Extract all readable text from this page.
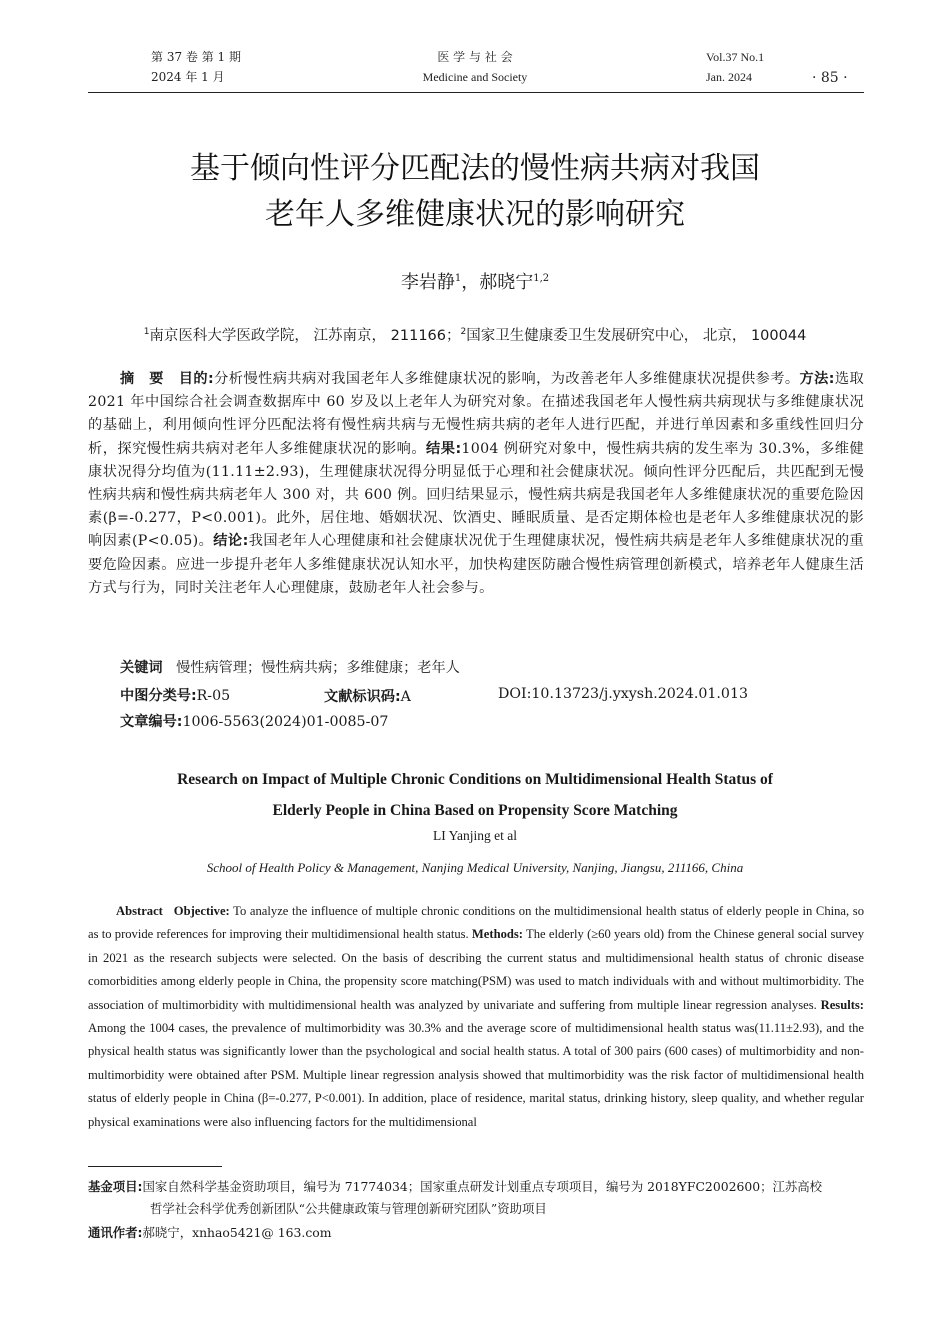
第 37 卷 第 1 期
2024 年 1 月
医 学 与 社 会
Medicine and Society
Vol.37 No.1
Jan. 2024	· 85 ·
基于倾向性评分匹配法的慢性病共病对我国
老年人多维健康状况的影响研究
李岩静$^1$，郝晓宁$^{1,2}$
$^1$南京医科大学医政学院， 江苏南京， 211166；$^2$国家卫生健康委卫生发展研究中心， 北京， 100044
摘　要 目的:分析慢性病共病对我国老年人多维健康状况的影响，为改善老年人多维健康状况提供参考。方法:选取 2021 年中国综合社会调查数据库中 60 岁及以上老年人为研究对象。在描述我国老年人慢性病共病现状与多维健康状况的基础上，利用倾向性评分匹配法将有慢性病共病与无慢性病共病的老年人进行匹配，并进行单因素和多重线性回归分析，探究慢性病共病对老年人多维健康状况的影响。结果:1004 例研究对象中，慢性病共病的发生率为 30.3%，多维健康状况得分均值为(11.11±2.93)，生理健康状况得分明显低于心理和社会健康状况。倾向性评分匹配后，共匹配到无慢性病共病和慢性病共病老年人 300 对，共 600 例。回归结果显示，慢性病共病是我国老年人多维健康状况的重要危险因素(β=-0.277，P<0.001)。此外，居住地、婚姻状况、饮酒史、睡眠质量、是否定期体检也是老年人多维健康状况的影响因素(P<0.05)。结论:我国老年人心理健康和社会健康状况优于生理健康状况，慢性病共病是老年人多维健康状况的重要危险因素。应进一步提升老年人多维健康状况认知水平，加快构建医防融合慢性病管理创新模式，培养老年人健康生活方式与行为，同时关注老年人心理健康，鼓励老年人社会参与。
关键词 慢性病管理；慢性病共病；多维健康；老年人
中图分类号:R-05	文献标识码:A	DOI:10.13723/j.yxysh.2024.01.013
文章编号:1006-5563(2024)01-0085-07
Research on Impact of Multiple Chronic Conditions on Multidimensional Health Status of
Elderly People in China Based on Propensity Score Matching
LI Yanjing et al
School of Health Policy & Management, Nanjing Medical University, Nanjing, Jiangsu, 211166, China
Abstract Objective: To analyze the influence of multiple chronic conditions on the multidimensional health status of elderly people in China, so as to provide references for improving their multidimensional health status. Methods: The elderly (≥60 years old) from the Chinese general social survey in 2021 as the research subjects were selected. On the basis of describing the current status and multidimensional health status of chronic disease comorbidities among elderly people in China, the propensity score matching(PSM) was used to match individuals with and without multimorbidity. The association of multimorbidity with multidimensional health was analyzed by univariate and suffering from multiple linear regression analyses. Results: Among the 1004 cases, the prevalence of multimorbidity was 30.3% and the average score of multidimensional health status was(11.11±2.93), and the physical health status was significantly lower than the psychological and social health status. A total of 300 pairs (600 cases) of multimorbidity and non-multimorbidity were obtained after PSM. Multiple linear regression analysis showed that multimorbidity was the risk factor of multidimensional health status of elderly people in China (β=-0.277, P<0.001). In addition, place of residence, marital status, drinking history, sleep quality, and whether regular physical examinations were also influencing factors for the multidimensional
基金项目:国家自然科学基金资助项目，编号为 71774034；国家重点研发计划重点专项项目，编号为 2018YFC2002600；江苏高校
哲学社会科学优秀创新团队“公共健康政策与管理创新研究团队”资助项目
通讯作者:郝晓宁，xnhao5421@ 163.com
